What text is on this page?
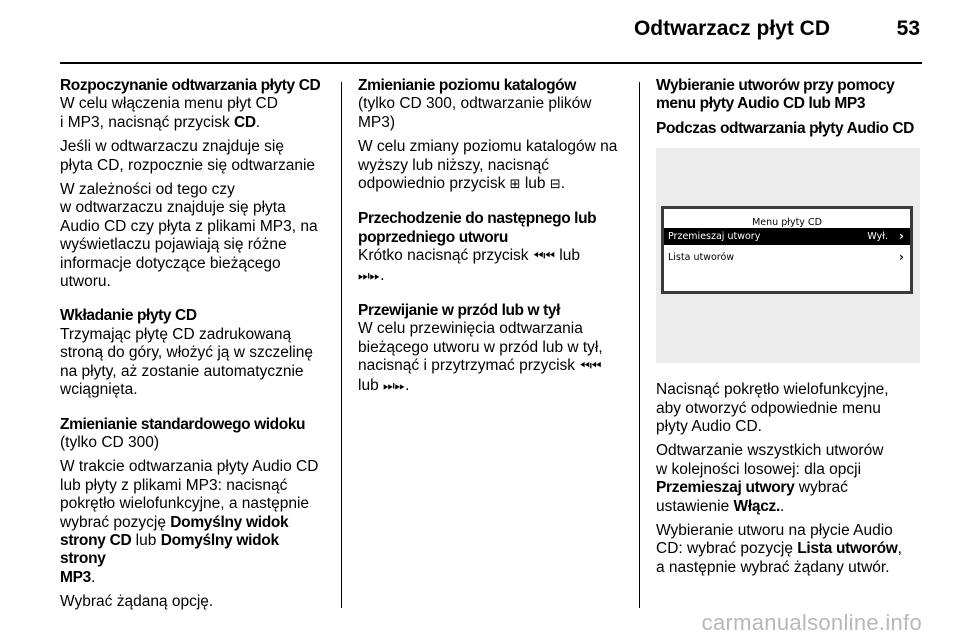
Odtwarzacz płyt CD	53
Rozpoczynanie odtwarzania płyty CD
W celu włączenia menu płyt CD
i MP3, nacisnąć przycisk CD.
Jeśli w odtwarzaczu znajduje się
płyta CD, rozpocznie się odtwarzanie
W zależności od tego czy
w odtwarzaczu znajduje się płyta
Audio CD czy płyta z plikami MP3, na
wyświetlaczu pojawiają się różne
informacje dotyczące bieżącego
utworu.
Wkładanie płyty CD
Trzymając płytę CD zadrukowaną
stroną do góry, włożyć ją w szczelinę
na płyty, aż zostanie automatycznie
wciągnięta.
Zmienianie standardowego widoku
(tylko CD 300)
W trakcie odtwarzania płyty Audio CD
lub płyty z plikami MP3: nacisnąć
pokrętło wielofunkcyjne, a następnie
wybrać pozycję Domyślny widok
strony CD lub Domyślny widok strony
MP3.
Wybrać żądaną opcję.
Zmienianie poziomu katalogów
(tylko CD 300, odtwarzanie plików
MP3)
W celu zmiany poziomu katalogów na
wyższy lub niższy, nacisnąć
odpowiednio przycisk ⊞ lub ⊟.
Przechodzenie do następnego lub
poprzedniego utworu
Krótko nacisnąć przycisk ⏪︎⏮︎ lub
⏭︎⏩︎.
Przewijanie w przód lub w tył
W celu przewinięcia odtwarzania
bieżącego utworu w przód lub w tył,
nacisnąć i przytrzymać przycisk ⏪︎⏮︎
lub ⏭︎⏩︎.
Wybieranie utworów przy pomocy
menu płyty Audio CD lub MP3
Podczas odtwarzania płyty Audio CD
Menu płyty CD
Przemieszaj utwory	Wył. ›
Lista utworów	›
Nacisnąć pokrętło wielofunkcyjne,
aby otworzyć odpowiednie menu
płyty Audio CD.
Odtwarzanie wszystkich utworów
w kolejności losowej: dla opcji
Przemieszaj utwory wybrać
ustawienie Włącz..
Wybieranie utworu na płycie Audio
CD: wybrać pozycję Lista utworów,
a następnie wybrać żądany utwór.
carmanualsonline.info
